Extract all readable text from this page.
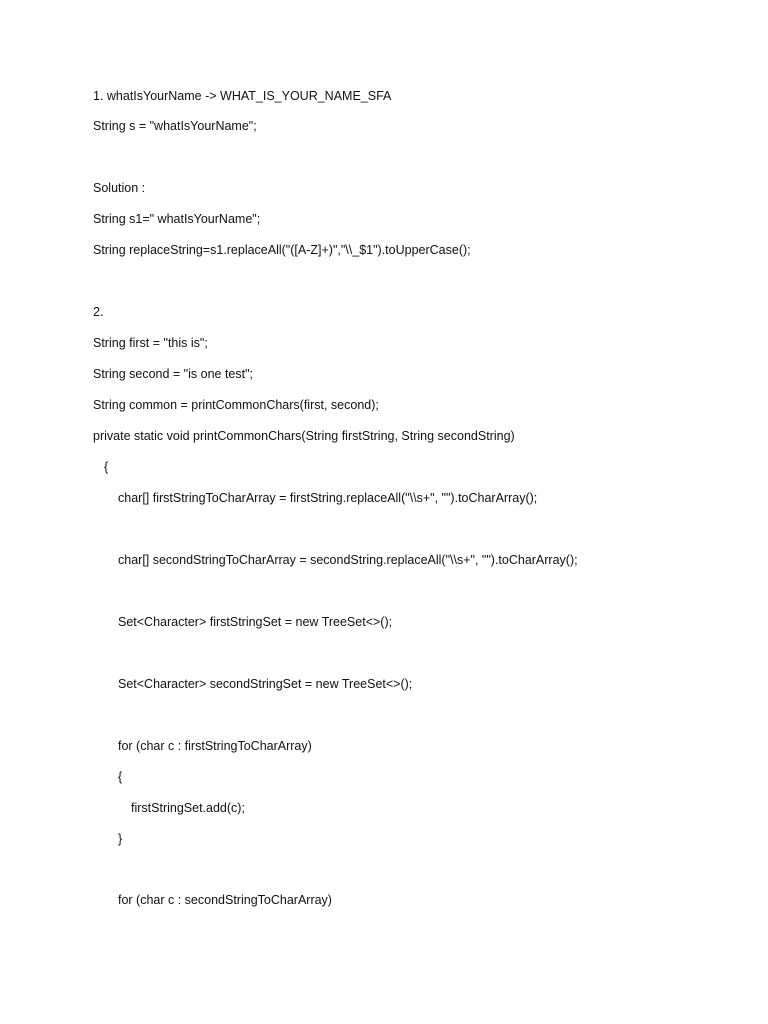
1. whatIsYourName -> WHAT_IS_YOUR_NAME_SFA
String s = "whatIsYourName";
Solution :
String s1=" whatIsYourName";
String replaceString=s1.replaceAll("([A-Z]+)","\\_$1").toUpperCase();
2.
String first = "this is";
String second = "is one test";
String common = printCommonChars(first, second);
private static void printCommonChars(String firstString, String secondString)
{
char[] firstStringToCharArray = firstString.replaceAll("\\s+", "").toCharArray();
char[] secondStringToCharArray = secondString.replaceAll("\\s+", "").toCharArray();
Set<Character> firstStringSet = new TreeSet<>();
Set<Character> secondStringSet = new TreeSet<>();
for (char c : firstStringToCharArray)
{
firstStringSet.add(c);
}
for (char c : secondStringToCharArray)
